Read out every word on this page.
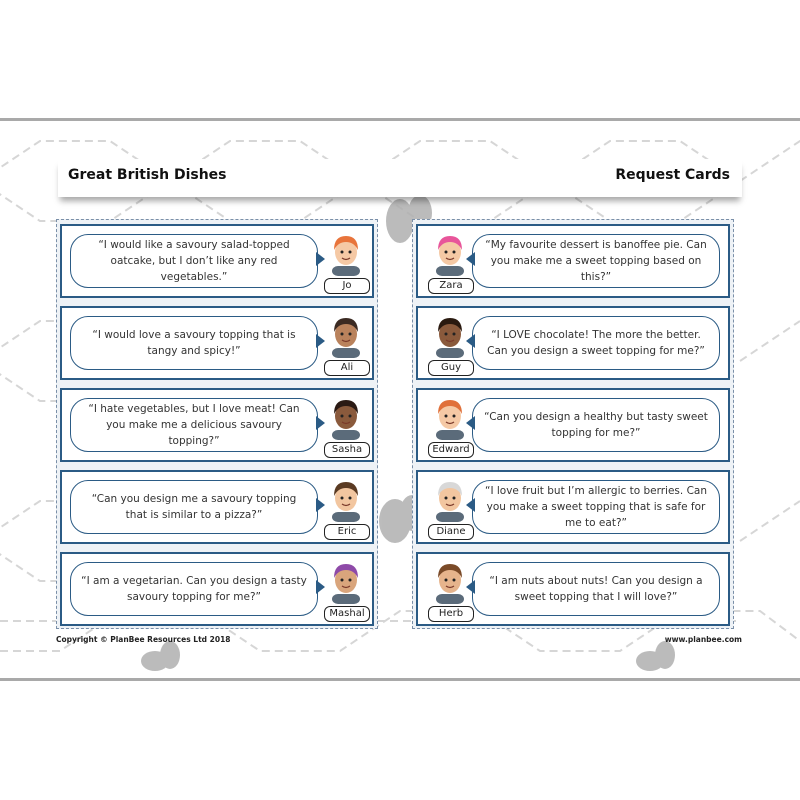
Great British Dishes	Request Cards
“I would like a savoury salad-topped oatcake, but I don’t like any red vegetables.”
Jo
“I would love a savoury topping that is tangy and spicy!”
Ali
“I hate vegetables, but I love meat! Can you make me a delicious savoury topping?”
Sasha
“Can you design me a savoury topping that is similar to a pizza?”
Eric
“I am a vegetarian. Can you design a tasty savoury topping for me?”
Mashal
“My favourite dessert is banoffee pie. Can you make me a sweet topping based on this?”
Zara
“I LOVE chocolate! The more the better. Can you design a sweet topping for me?”
Guy
“Can you design a healthy but tasty sweet topping for me?”
Edward
“I love fruit but I’m allergic to berries. Can you make a sweet topping that is safe for me to eat?”
Diane
“I am nuts about nuts! Can you design a sweet topping that I will love?”
Herb
Copyright © PlanBee Resources Ltd 2018	www.planbee.com
